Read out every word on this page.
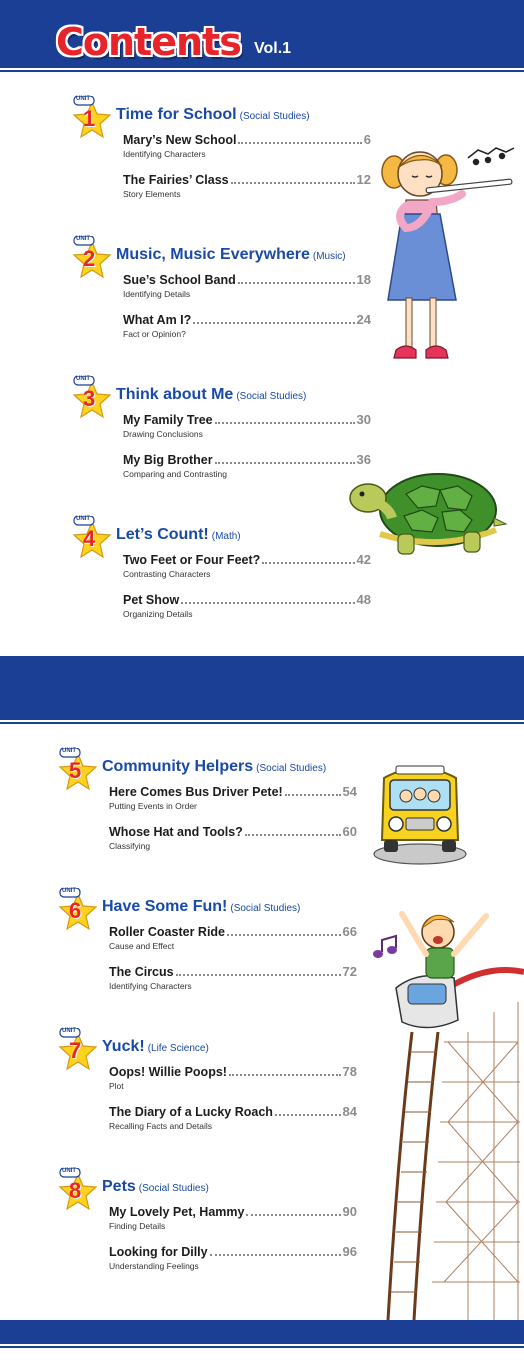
Contents Vol.1
Bricks Reading Beginner
UNIT
1 Time for School (Social Studies)
Mary’s New School	6
Identifying Characters
The Fairies’ Class	12
Story Elements
UNIT
2 Music, Music Everywhere (Music)
Sue’s School Band	18
Identifying Details
What Am I?	24
Fact or Opinion?
UNIT
3 Think about Me (Social Studies)
My Family Tree	30
Drawing Conclusions
My Big Brother	36
Comparing and Contrasting
UNIT
4 Let’s Count! (Math)
Two Feet or Four Feet?	42
Contrasting Characters
Pet Show	48
Organizing Details
UNIT
5 Community Helpers (Social Studies)
Here Comes Bus Driver Pete!	54
Putting Events in Order
Whose Hat and Tools?	60
Classifying
UNIT
6 Have Some Fun! (Social Studies)
Roller Coaster Ride	66
Cause and Effect
The Circus	72
Identifying Characters
UNIT
7 Yuck! (Life Science)
Oops! Willie Poops!	78
Plot
The Diary of a Lucky Roach	84
Recalling Facts and Details
UNIT
8 Pets (Social Studies)
My Lovely Pet, Hammy	90
Finding Details
Looking for Dilly	96
Understanding Feelings
